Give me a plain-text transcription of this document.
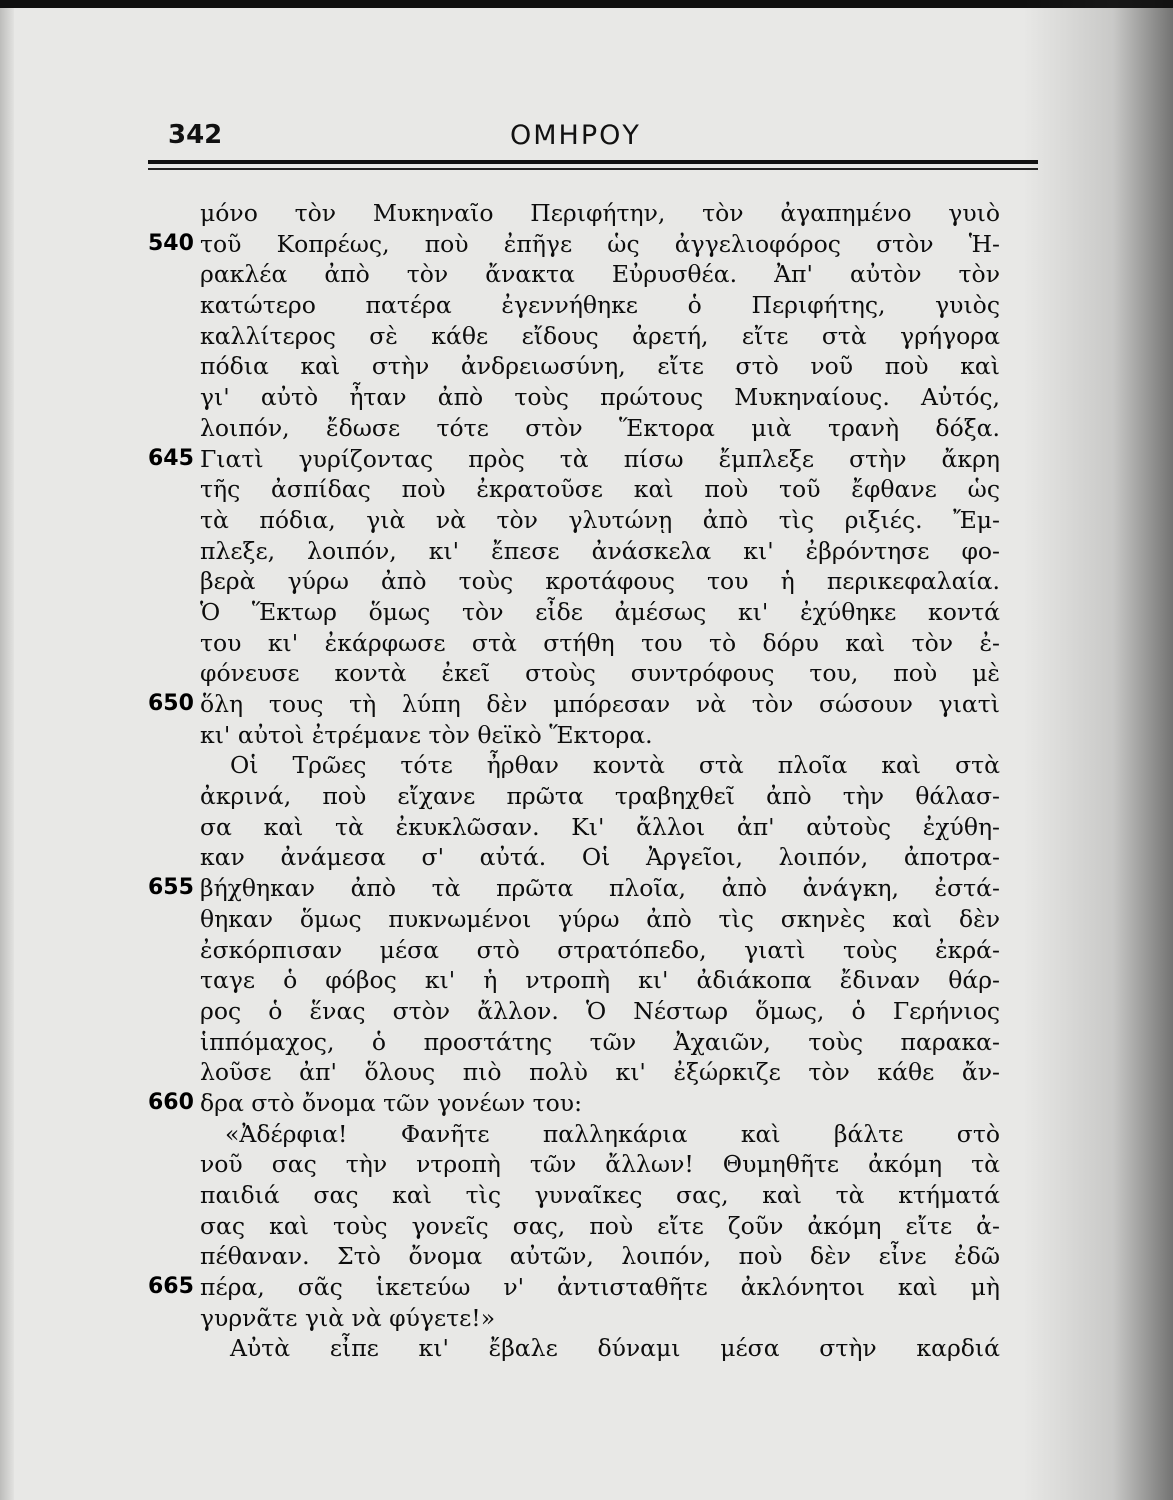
342	ΟΜΗΡΟΥ
μόνο τὸν Μυκηναῖο Περιφήτην, τὸν ἀγαπημένο γυιὸ
540 τοῦ Κοπρέως, ποὺ ἐπῆγε ὡς ἀγγελιοφόρος στὸν Ἡ-
ρακλέα ἀπὸ τὸν ἄνακτα Εὐρυσθέα. Ἀπ' αὐτὸν τὸν
κατώτερο πατέρα ἐγεννήθηκε ὁ Περιφήτης, γυιὸς
καλλίτερος σὲ κάθε εἴδους ἀρετή, εἴτε στὰ γρήγορα
πόδια καὶ στὴν ἀνδρειωσύνη, εἴτε στὸ νοῦ ποὺ καὶ
γι' αὐτὸ ἦταν ἀπὸ τοὺς πρώτους Μυκηναίους. Αὐτός,
λοιπόν, ἔδωσε τότε στὸν Ἕκτορα μιὰ τρανὴ δόξα.
645 Γιατὶ γυρίζοντας πρὸς τὰ πίσω ἔμπλεξε στὴν ἄκρη
τῆς ἀσπίδας ποὺ ἐκρατοῦσε καὶ ποὺ τοῦ ἔφθανε ὡς
τὰ πόδια, γιὰ νὰ τὸν γλυτώνῃ ἀπὸ τὶς ριξιές. Ἔμ-
πλεξε, λοιπόν, κι' ἔπεσε ἀνάσκελα κι' ἐβρόντησε φο-
βερὰ γύρω ἀπὸ τοὺς κροτάφους του ἡ περικεφαλαία.
Ὁ Ἕκτωρ ὅμως τὸν εἶδε ἀμέσως κι' ἐχύθηκε κοντά
του κι' ἐκάρφωσε στὰ στήθη του τὸ δόρυ καὶ τὸν ἐ-
φόνευσε κοντὰ ἐκεῖ στοὺς συντρόφους του, ποὺ μὲ
650 ὅλη τους τὴ λύπη δὲν μπόρεσαν νὰ τὸν σώσουν γιατὶ
κι' αὐτοὶ ἐτρέμανε τὸν θεϊκὸ Ἕκτορα.
Οἱ Τρῶες τότε ἦρθαν κοντὰ στὰ πλοῖα καὶ στὰ
ἀκρινά, ποὺ εἴχανε πρῶτα τραβηχθεῖ ἀπὸ τὴν θάλασ-
σα καὶ τὰ ἐκυκλῶσαν. Κι' ἄλλοι ἀπ' αὐτοὺς ἐχύθη-
καν ἀνάμεσα σ' αὐτά. Οἱ Ἀργεῖοι, λοιπόν, ἀποτρα-
655 βήχθηκαν ἀπὸ τὰ πρῶτα πλοῖα, ἀπὸ ἀνάγκη, ἐστά-
θηκαν ὅμως πυκνωμένοι γύρω ἀπὸ τὶς σκηνὲς καὶ δὲν
ἐσκόρπισαν μέσα στὸ στρατόπεδο, γιατὶ τοὺς ἐκρά-
ταγε ὁ φόβος κι' ἡ ντροπὴ κι' ἀδιάκοπα ἔδιναν θάρ-
ρος ὁ ἕνας στὸν ἄλλον. Ὁ Νέστωρ ὅμως, ὁ Γερήνιος
ἱππόμαχος, ὁ προστάτης τῶν Ἀχαιῶν, τοὺς παρακα-
λοῦσε ἀπ' ὅλους πιὸ πολὺ κι' ἐξώρκιζε τὸν κάθε ἄν-
660 δρα στὸ ὄνομα τῶν γονέων του:
«Ἀδέρφια! Φανῆτε παλληκάρια καὶ βάλτε στὸ
νοῦ σας τὴν ντροπὴ τῶν ἄλλων! Θυμηθῆτε ἀκόμη τὰ
παιδιά σας καὶ τὶς γυναῖκες σας, καὶ τὰ κτήματά
σας καὶ τοὺς γονεῖς σας, ποὺ εἴτε ζοῦν ἀκόμη εἴτε ἀ-
πέθαναν. Στὸ ὄνομα αὐτῶν, λοιπόν, ποὺ δὲν εἶνε ἐδῶ
665 πέρα, σᾶς ἱκετεύω ν' ἀντισταθῆτε ἀκλόνητοι καὶ μὴ
γυρνᾶτε γιὰ νὰ φύγετε!»
Αὐτὰ εἶπε κι' ἔβαλε δύναμι μέσα στὴν καρδιά
